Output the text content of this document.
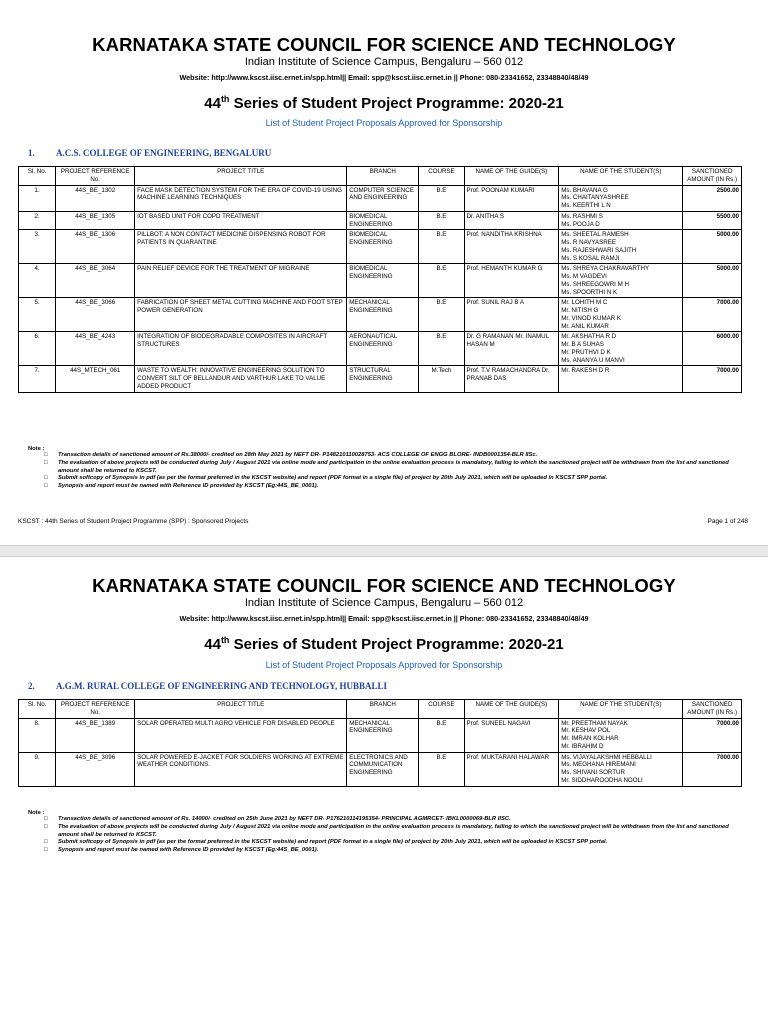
KARNATAKA STATE COUNCIL FOR SCIENCE AND TECHNOLOGY
Indian Institute of Science Campus, Bengaluru – 560 012
Website: http://www.kscst.iisc.ernet.in/spp.html|| Email: spp@kscst.iisc.ernet.in || Phone: 080-23341652, 23348840/48/49
44th Series of Student Project Programme: 2020-21
List of Student Project Proposals Approved for Sponsorship
1. A.C.S. COLLEGE OF ENGINEERING, BENGALURU
Sl. No.	PROJECT REFERENCE No.	PROJECT TITLE	BRANCH	COURSE	NAME OF THE GUIDE(S)	NAME OF THE STUDENT(S)	SANCTIONED AMOUNT (IN Rs.)
1.	44S_BE_1302	FACE MASK DETECTION SYSTEM FOR THE ERA OF COVID-19 USING MACHINE LEARNING TECHNIQUES	COMPUTER SCIENCE AND ENGINEERING	B.E	Prof. POONAM KUMARI	Ms. BHAVANA G
Ms. CHAITANYASHREE
Ms. KEERTHI L N	2500.00
2.	44S_BE_1305	IOT BASED UNIT FOR COPD TREATMENT	BIOMEDICAL ENGINEERING	B.E	Dr. ANITHA S	Ms. RASHMI S
Ms. POOJA D	5500.00
3.	44S_BE_1306	PILLBOT: A NON CONTACT MEDICINE DISPENSING ROBOT FOR PATIENTS IN QUARANTINE	BIOMEDICAL ENGINEERING	B.E	Prof. NANDITHA KRISHNA	Ms. SHEETAL RAMESH
Ms. R NAVYASREE
Ms. RAJESHWARI SAJITH
Ms. S KOSAL RAMJI	5000.00
4.	44S_BE_3064	PAIN RELIEF DEVICE FOR THE TREATMENT OF MIGRAINE	BIOMEDICAL ENGINEERING	B.E	Prof. HEMANTH KUMAR G	Ms. SHREYA CHAKRAVARTHY
Ms. M VAGDEVI
Ms. SHREEGOWRI M H
Ms. SPOORTHI N K	5000.00
5.	44S_BE_3066	FABRICATION OF SHEET METAL CUTTING MACHINE AND FOOT STEP POWER GENERATION	MECHANICAL ENGINEERING	B.E	Prof. SUNIL RAJ B A	Mr. LOHITH M C
Mr. NITISH G
Mr. VINOD KUMAR K
Mr. ANIL KUMAR	7000.00
6.	44S_BE_4243	INTEGRATION OF BIODEGRADABLE COMPOSITES IN AIRCRAFT STRUCTURES	AERONAUTICAL ENGINEERING	B.E	Dr. G RAMANAN Mr. INAMUL HASAN M	Mr. AKSHATHA R D
Mr. B A SUHAS
Mr. PRUTHVI D K
Ms. ANANYA U MANVI	6000.00
7.	44S_MTECH_061	WASTE TO WEALTH: INNOVATIVE ENGINEERING SOLUTION TO CONVERT SILT OF BELLANDUR AND VARTHUR LAKE TO VALUE ADDED PRODUCT	STRUCTURAL ENGINEERING	M.Tech	Prof. T.V RAMACHANDRA Dr. PRANAB DAS	Mr. RAKESH D R	7000.00
Note :
□ Transaction details of sanctioned amount of Rs.38000/- credited on 28th May 2021 by NEFT DR- P148210110028753- ACS COLLEGE OF ENGG BLORE- INDB0001354-BLR IISc.
□ The evaluation of above projects will be conducted during July / August 2021 via online mode and participation in the online evaluation process is mandatory, failing to which the sanctioned project will be withdrawn from the list and sanctioned amount shall be returned to KSCST.
□ Submit softcopy of Synopsis in pdf (as per the format preferred in the KSCST website) and report (PDF format in a single file) of project by 20th July 2021, which will be uploaded in KSCST SPP portal.
□ Synopsis and report must be named with Reference ID provided by KSCST (Eg:44S_BE_0001).
KSCST : 44th Series of Student Project Programme (SPP) : Sponsored Projects	Page 1 of 248
KARNATAKA STATE COUNCIL FOR SCIENCE AND TECHNOLOGY
Indian Institute of Science Campus, Bengaluru – 560 012
Website: http://www.kscst.iisc.ernet.in/spp.html|| Email: spp@kscst.iisc.ernet.in || Phone: 080-23341652, 23348840/48/49
44th Series of Student Project Programme: 2020-21
List of Student Project Proposals Approved for Sponsorship
2. A.G.M. RURAL COLLEGE OF ENGINEERING AND TECHNOLOGY, HUBBALLI
Sl. No.	PROJECT REFERENCE No.	PROJECT TITLE	BRANCH	COURSE	NAME OF THE GUIDE(S)	NAME OF THE STUDENT(S)	SANCTIONED AMOUNT (IN Rs.)
8.	44S_BE_1389	SOLAR OPERATED MULTI AGRO VEHICLE FOR DISABLED PEOPLE	MECHANICAL ENGINEERING	B.E	Prof. SUNEEL NAGAVI	Mr. PREETHAM NAYAK
Mr. KESHAV POL
Mr. IMRAN KOLHAR
Mr. IBRAHIM D	7000.00
9.	44S_BE_3096	SOLAR POWERED E-JACKET FOR SOLDIERS WORKING AT EXTREME WEATHER CONDITIONS.	ELECTRONICS AND COMMUNICATION ENGINEERING	B.E	Prof. MUKTARANI HALAWAR	Ms. VIJAYALAKSHMI HEBBALLI
Ms. MEGHANA HIREMANI
Ms. SHIVANI SORTUR
Mr. SIDDHAROODHA NOOLI	7000.00
Note :
□ Transaction details of sanctioned amount of Rs. 14000/- credited on 25th June 2021 by NEFT DR- P176210114195354- PRINCIPAL AGMRCET- IBKL0000069-BLR IISC.
□ The evaluation of above projects will be conducted during July / August 2021 via online mode and participation in the online evaluation process is mandatory, failing to which the sanctioned project will be withdrawn from the list and sanctioned amount shall be returned to KSCST.
□ Submit softcopy of Synopsis in pdf (as per the format preferred in the KSCST website) and report (PDF format in a single file) of project by 20th July 2021, which will be uploaded in KSCST SPP portal.
□ Synopsis and report must be named with Reference ID provided by KSCST (Eg:44S_BE_0001).
